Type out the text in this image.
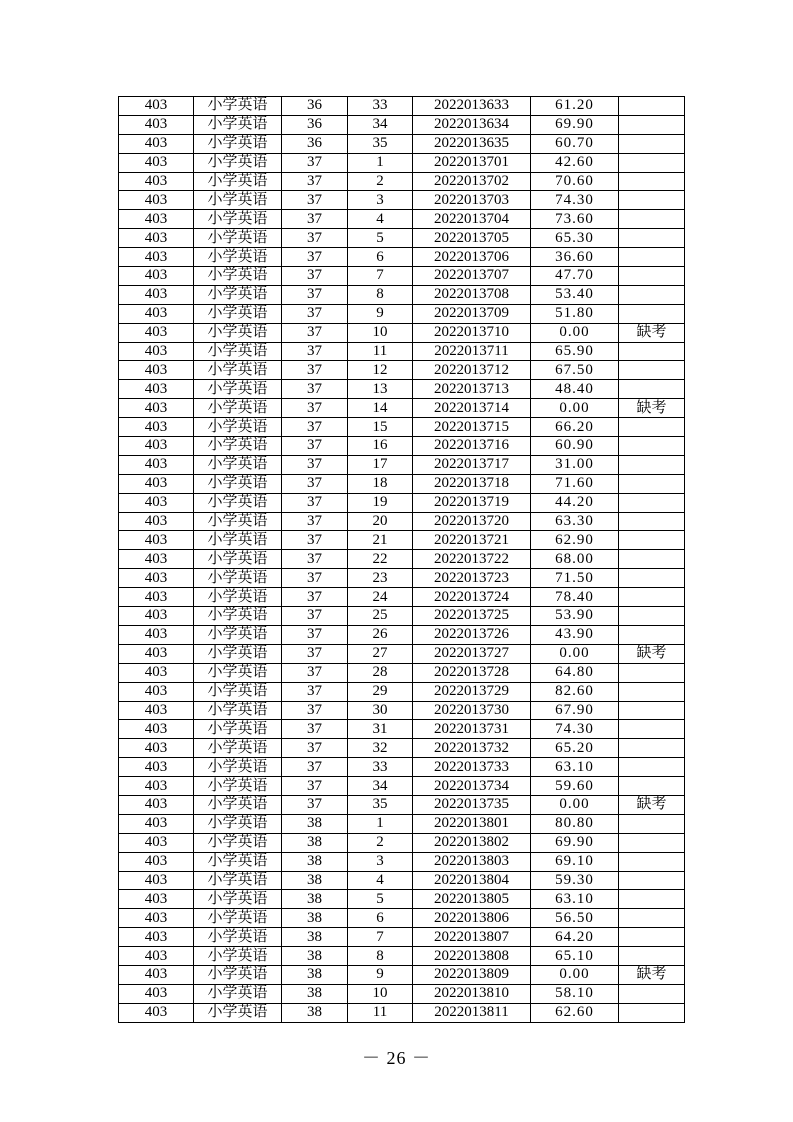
403	小学英语	36	33	2022013633	61.20	
403	小学英语	36	34	2022013634	69.90	
403	小学英语	36	35	2022013635	60.70	
403	小学英语	37	1	2022013701	42.60	
403	小学英语	37	2	2022013702	70.60	
403	小学英语	37	3	2022013703	74.30	
403	小学英语	37	4	2022013704	73.60	
403	小学英语	37	5	2022013705	65.30	
403	小学英语	37	6	2022013706	36.60	
403	小学英语	37	7	2022013707	47.70	
403	小学英语	37	8	2022013708	53.40	
403	小学英语	37	9	2022013709	51.80	
403	小学英语	37	10	2022013710	0.00	缺考
403	小学英语	37	11	2022013711	65.90	
403	小学英语	37	12	2022013712	67.50	
403	小学英语	37	13	2022013713	48.40	
403	小学英语	37	14	2022013714	0.00	缺考
403	小学英语	37	15	2022013715	66.20	
403	小学英语	37	16	2022013716	60.90	
403	小学英语	37	17	2022013717	31.00	
403	小学英语	37	18	2022013718	71.60	
403	小学英语	37	19	2022013719	44.20	
403	小学英语	37	20	2022013720	63.30	
403	小学英语	37	21	2022013721	62.90	
403	小学英语	37	22	2022013722	68.00	
403	小学英语	37	23	2022013723	71.50	
403	小学英语	37	24	2022013724	78.40	
403	小学英语	37	25	2022013725	53.90	
403	小学英语	37	26	2022013726	43.90	
403	小学英语	37	27	2022013727	0.00	缺考
403	小学英语	37	28	2022013728	64.80	
403	小学英语	37	29	2022013729	82.60	
403	小学英语	37	30	2022013730	67.90	
403	小学英语	37	31	2022013731	74.30	
403	小学英语	37	32	2022013732	65.20	
403	小学英语	37	33	2022013733	63.10	
403	小学英语	37	34	2022013734	59.60	
403	小学英语	37	35	2022013735	0.00	缺考
403	小学英语	38	1	2022013801	80.80	
403	小学英语	38	2	2022013802	69.90	
403	小学英语	38	3	2022013803	69.10	
403	小学英语	38	4	2022013804	59.30	
403	小学英语	38	5	2022013805	63.10	
403	小学英语	38	6	2022013806	56.50	
403	小学英语	38	7	2022013807	64.20	
403	小学英语	38	8	2022013808	65.10	
403	小学英语	38	9	2022013809	0.00	缺考
403	小学英语	38	10	2022013810	58.10	
403	小学英语	38	11	2022013811	62.60	
－ 26 －
